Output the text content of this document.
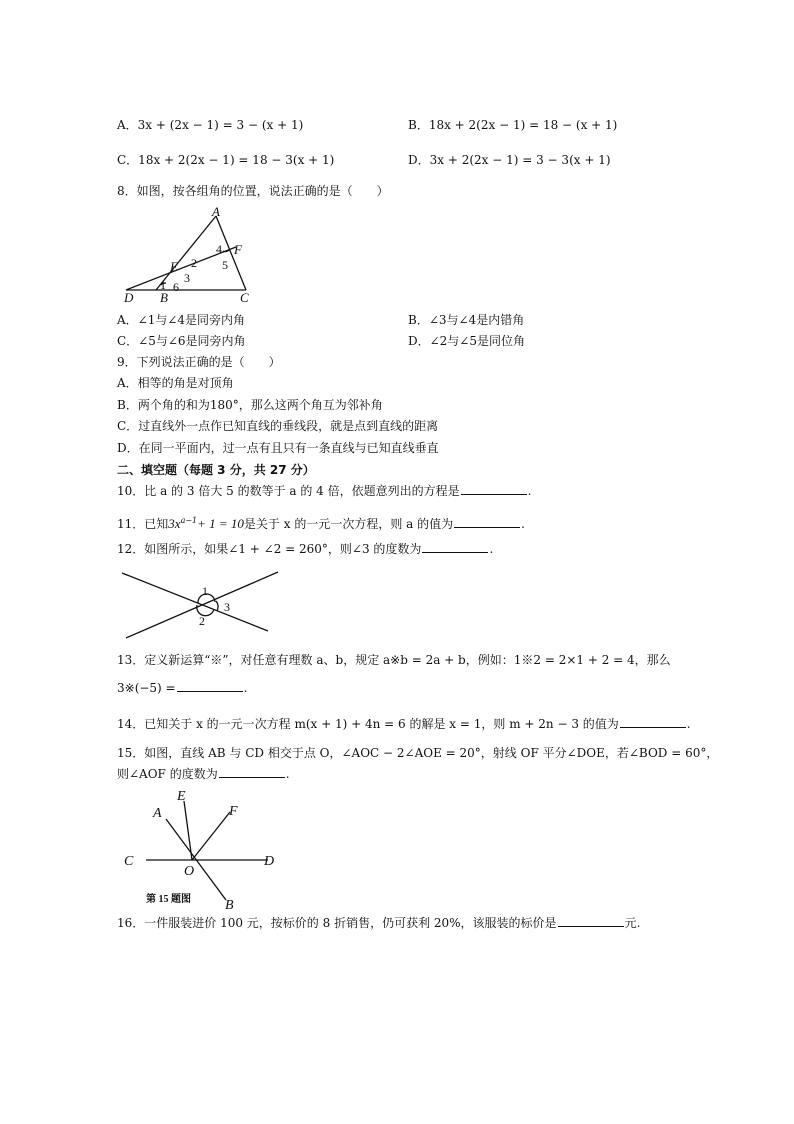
A．3x + (2x − 1) = 3 − (x + 1)	B．18x + 2(2x − 1) = 18 − (x + 1)
C．18x + 2(2x − 1) = 18 − 3(x + 1)	D．3x + 2(2x − 1) = 3 − 3(x + 1)
8．如图，按各组角的位置，说法正确的是（　　）
A
F
E
D B	C
1
2
3
4
5
6
A．∠1与∠4是同旁内角	B．∠3与∠4是内错角
C．∠5与∠6是同旁内角	D．∠2与∠5是同位角
9．下列说法正确的是（　　）
A．相等的角是对顶角
B．两个角的和为180°，那么这两个角互为邻补角
C．过直线外一点作已知直线的垂线段，就是点到直线的距离
D．在同一平面内，过一点有且只有一条直线与已知直线垂直
二、填空题（每题 3 分，共 27 分）
10．比 a 的 3 倍大 5 的数等于 a 的 4 倍，依题意列出的方程是	.
11．已知$3x^{a-1}+ 1 = 10$是关于 x 的一元一次方程，则 a 的值为	.
12．如图所示，如果∠1 + ∠2 = 260°，则∠3 的度数为	.
1
2
3
13．定义新运算“※”，对任意有理数 a、b，规定 a※b = 2a + b，例如：1※2 = 2×1 + 2 = 4，那么
3※(−5) =	.
14．已知关于 x 的一元一次方程 m(x + 1) + 4n = 6 的解是 x = 1，则 m + 2n − 3 的值为	.
15．如图，直线 AB 与 CD 相交于点 O，∠AOC − 2∠AOE = 20°，射线 OF 平分∠DOE，若∠BOD = 60°，
则∠AOF 的度数为	.
E
A	F
C
O
D
B
第 15 题图
16．一件服装进价 100 元，按标价的 8 折销售，仍可获利 20%，该服装的标价是	元.
